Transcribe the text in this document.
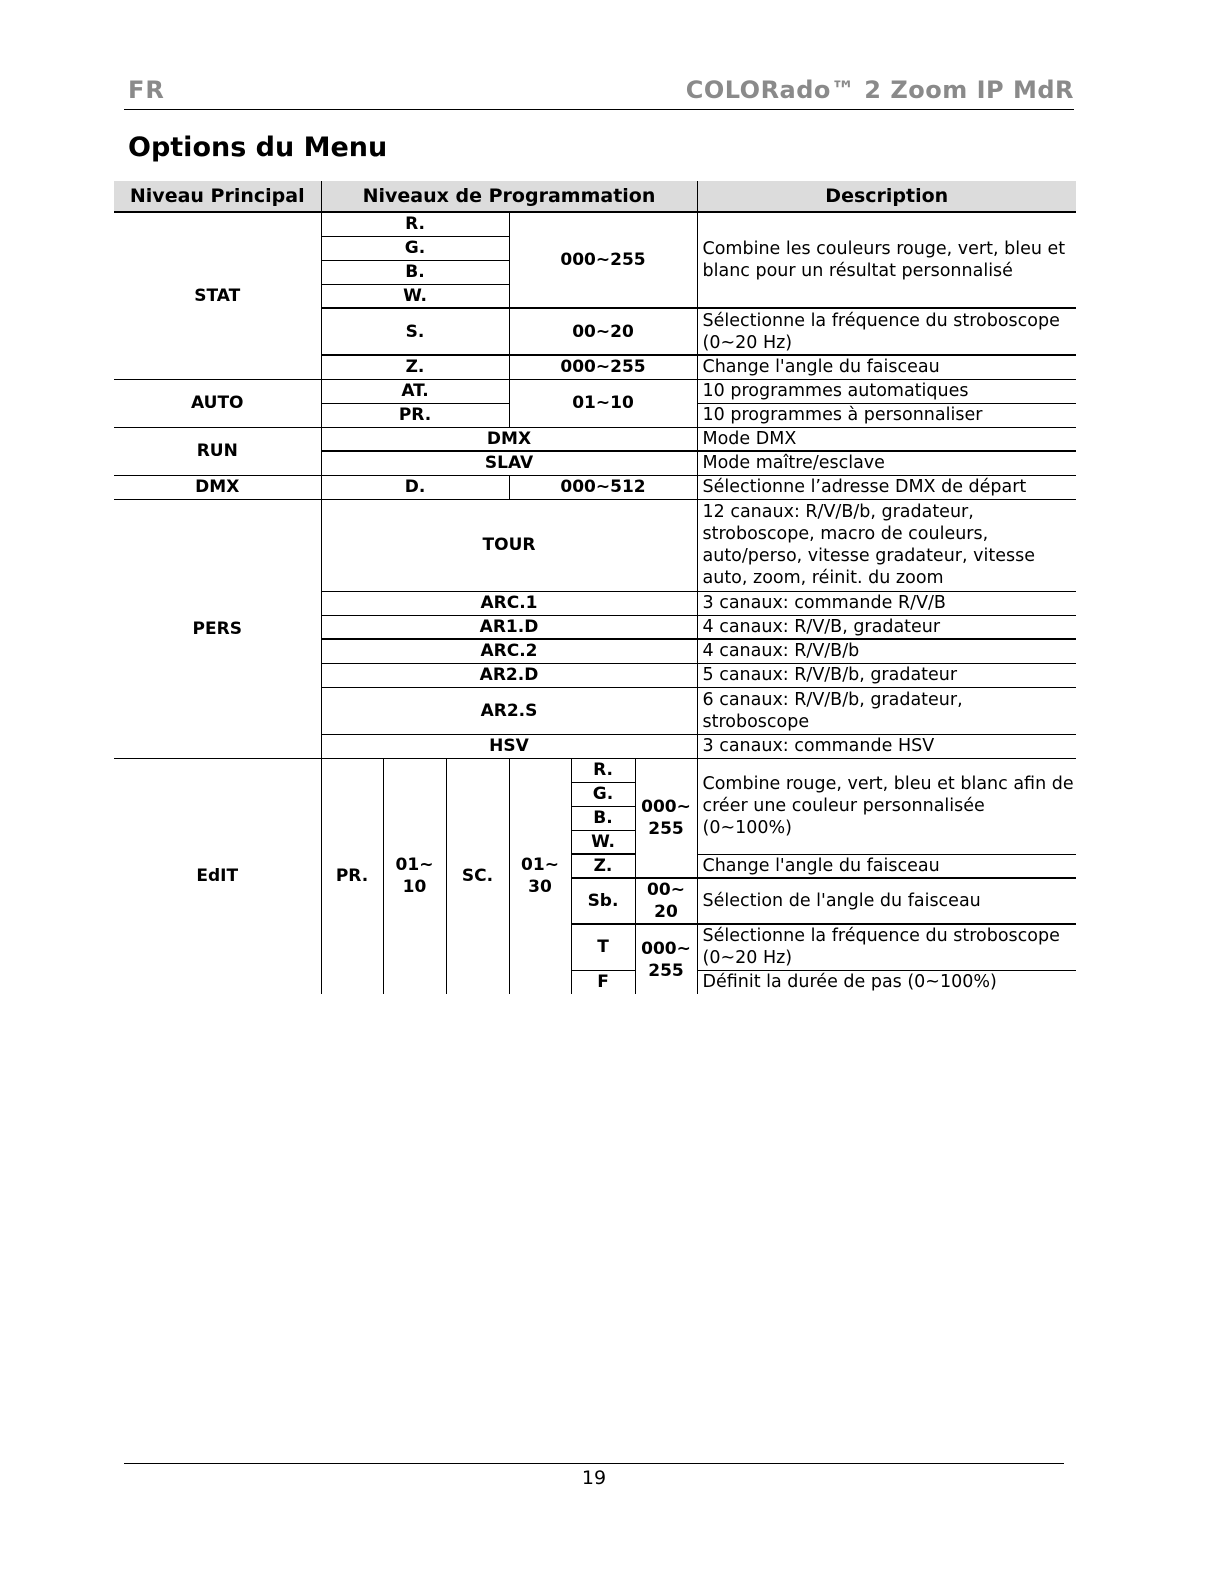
FR	COLORado™ 2 Zoom IP MdR
Options du Menu
Niveau Principal	Niveaux de Programmation						Description
STAT	R.			000~255			Combine les couleurs rouge, vert, bleu et blanc pour un résultat personnalisé
	G.						
	B.						
	W.						
	S.			00~20			Sélectionne la fréquence du stroboscope (0~20 Hz)
	Z.			000~255			Change l'angle du faisceau
AUTO	AT.			01~10			10 programmes automatiques
	PR.						10 programmes à personnaliser
RUN	DMX						Mode DMX
	SLAV						Mode maître/esclave
DMX	D.			000~512			Sélectionne l’adresse DMX de départ
PERS	TOUR						12 canaux: R/V/B/b, gradateur, stroboscope, macro de couleurs, auto/perso, vitesse gradateur, vitesse auto, zoom, réinit. du zoom
	ARC.1						3 canaux: commande R/V/B
	AR1.D						4 canaux: R/V/B, gradateur
	ARC.2						4 canaux: R/V/B/b
	AR2.D						5 canaux: R/V/B/b, gradateur
	AR2.S						6 canaux: R/V/B/b, gradateur, stroboscope
	HSV						3 canaux: commande HSV
EdIT	PR.	01~ 10	SC.	01~ 30	R.	000~ 255	Combine rouge, vert, bleu et blanc afin de créer une couleur personnalisée (0~100%)
					G.		
					B.		
					W.		
					Z.		Change l'angle du faisceau
					Sb.	00~ 20	Sélection de l'angle du faisceau
					T	000~ 255	Sélectionne la fréquence du stroboscope (0~20 Hz)
					F		Définit la durée de pas (0~100%)
19
